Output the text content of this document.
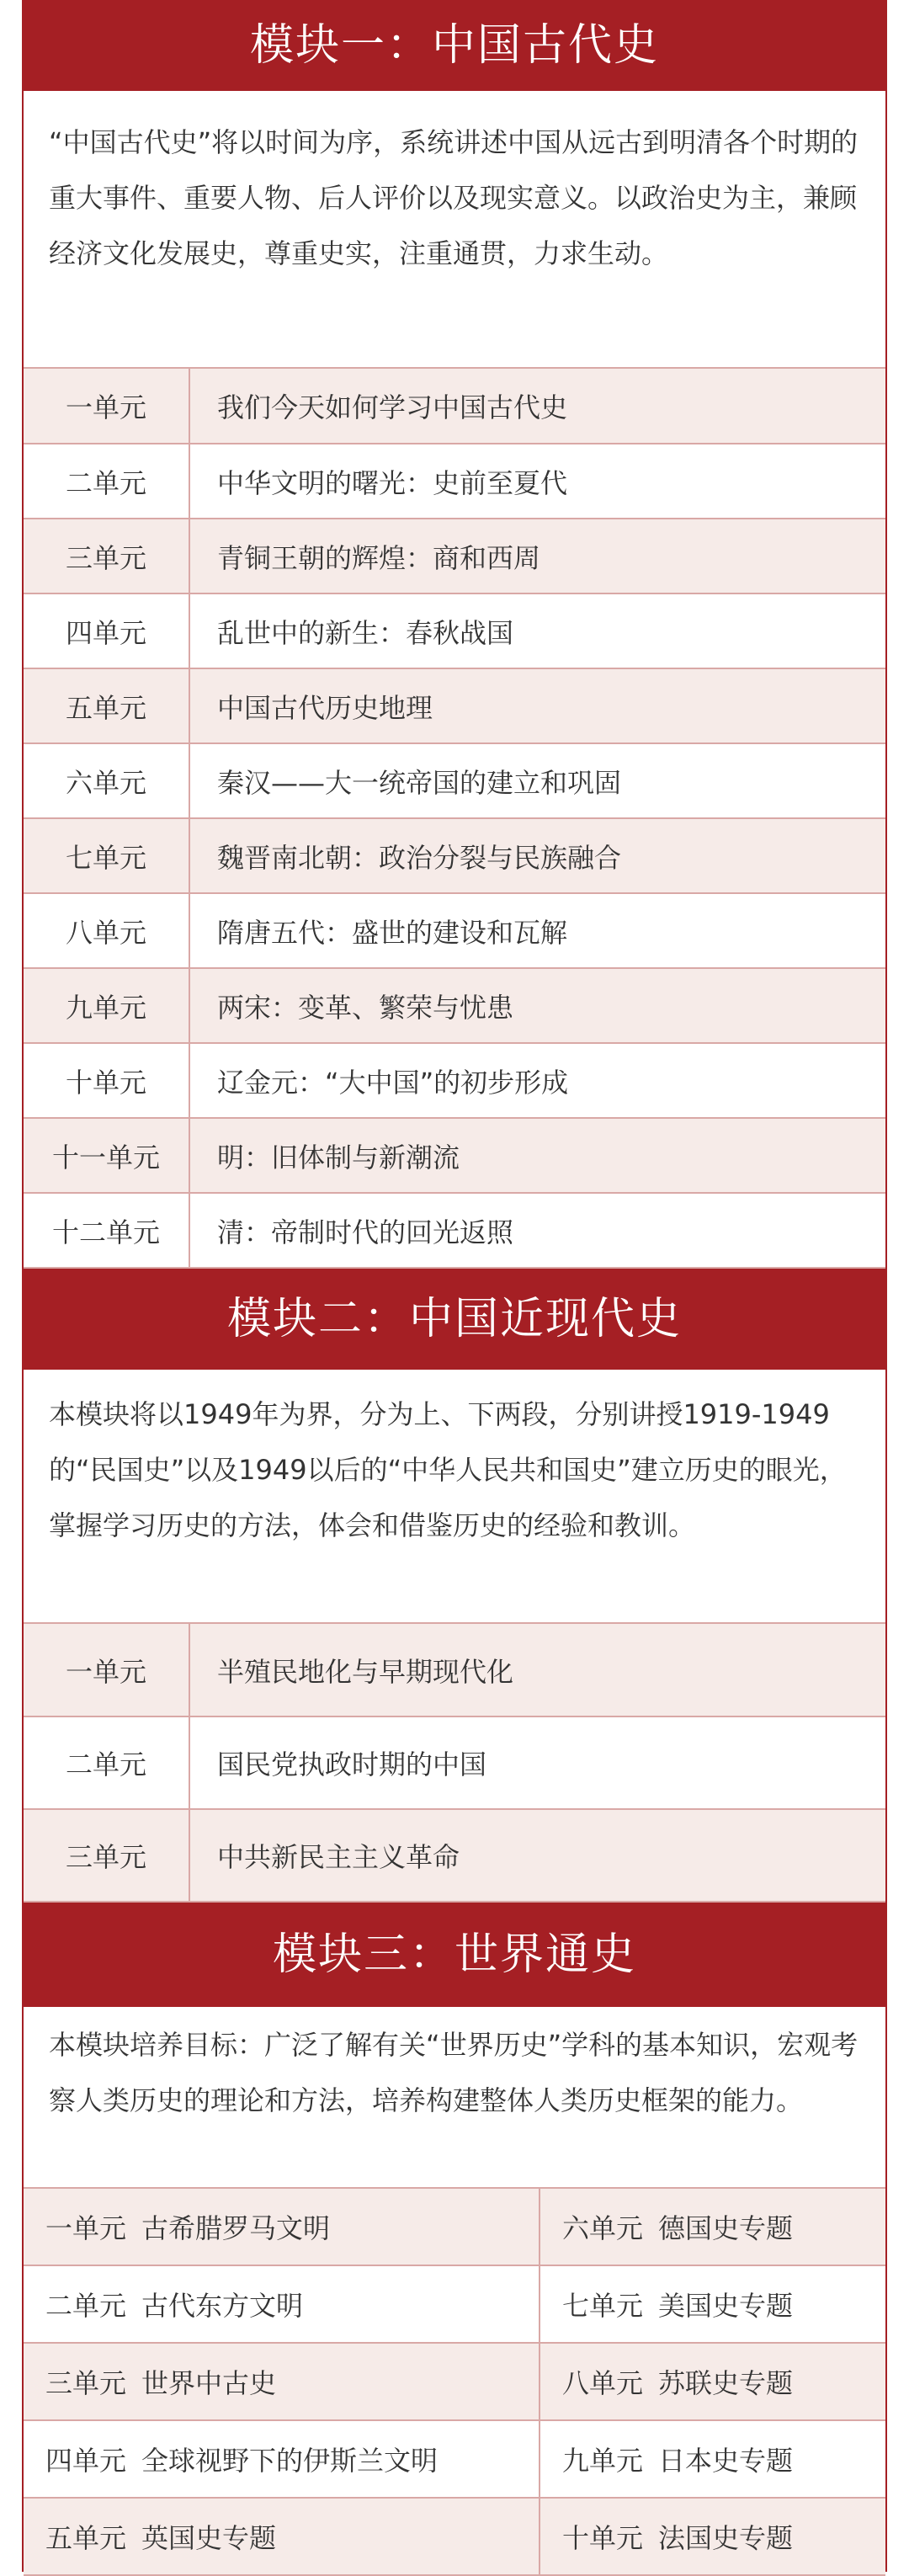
模块一：中国古代史
“中国古代史”将以时间为序，系统讲述中国从远古到明清各个时期的重大事件、重要人物、后人评价以及现实意义。以政治史为主，兼顾经济文化发展史，尊重史实，注重通贯，力求生动。
一单元	我们今天如何学习中国古代史
二单元	中华文明的曙光：史前至夏代
三单元	青铜王朝的辉煌：商和西周
四单元	乱世中的新生：春秋战国
五单元	中国古代历史地理
六单元	秦汉——大一统帝国的建立和巩固
七单元	魏晋南北朝：政治分裂与民族融合
八单元	隋唐五代：盛世的建设和瓦解
九单元	两宋：变革、繁荣与忧患
十单元	辽金元：“大中国”的初步形成
十一单元	明：旧体制与新潮流
十二单元	清：帝制时代的回光返照
模块二：中国近现代史
本模块将以1949年为界，分为上、下两段，分别讲授1919-1949的“民国史”以及1949以后的“中华人民共和国史”建立历史的眼光，掌握学习历史的方法，体会和借鉴历史的经验和教训。
一单元	半殖民地化与早期现代化
二单元	国民党执政时期的中国
三单元	中共新民主主义革命
模块三：世界通史
本模块培养目标：广泛了解有关“世界历史”学科的基本知识，宏观考察人类历史的理论和方法，培养构建整体人类历史框架的能力。
一单元 古希腊罗马文明	六单元 德国史专题
二单元 古代东方文明	七单元 美国史专题
三单元 世界中古史	八单元 苏联史专题
四单元 全球视野下的伊斯兰文明	九单元 日本史专题
五单元 英国史专题	十单元 法国史专题
